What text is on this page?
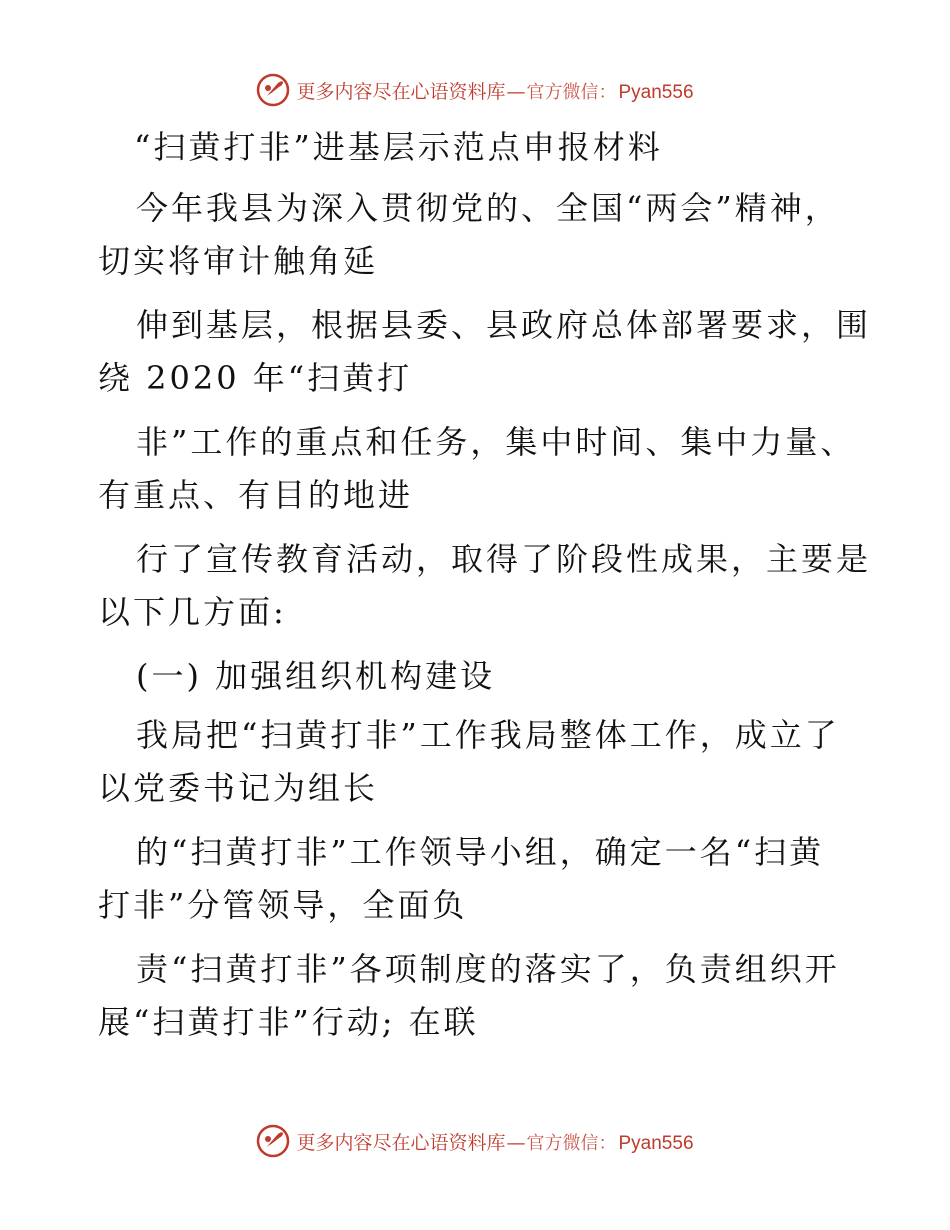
更多内容尽在心语资料库 — 官方微信： Pyan556
“扫黄打非”进基层示范点申报材料
今年我县为深入贯彻党的、全国“两会”精神，
切实将审计触角延
伸到基层，根据县委、县政府总体部署要求，围
绕 2020 年“扫黄打
非”工作的重点和任务，集中时间、集中力量、
有重点、有目的地进
行了宣传教育活动，取得了阶段性成果，主要是
以下几方面:
(一) 加强组织机构建设
我局把“扫黄打非”工作我局整体工作，成立了
以党委书记为组长
的“扫黄打非”工作领导小组，确定一名“扫黄
打非”分管领导，全面负
责“扫黄打非”各项制度的落实了，负责组织开
展“扫黄打非”行动; 在联
更多内容尽在心语资料库 — 官方微信： Pyan556
